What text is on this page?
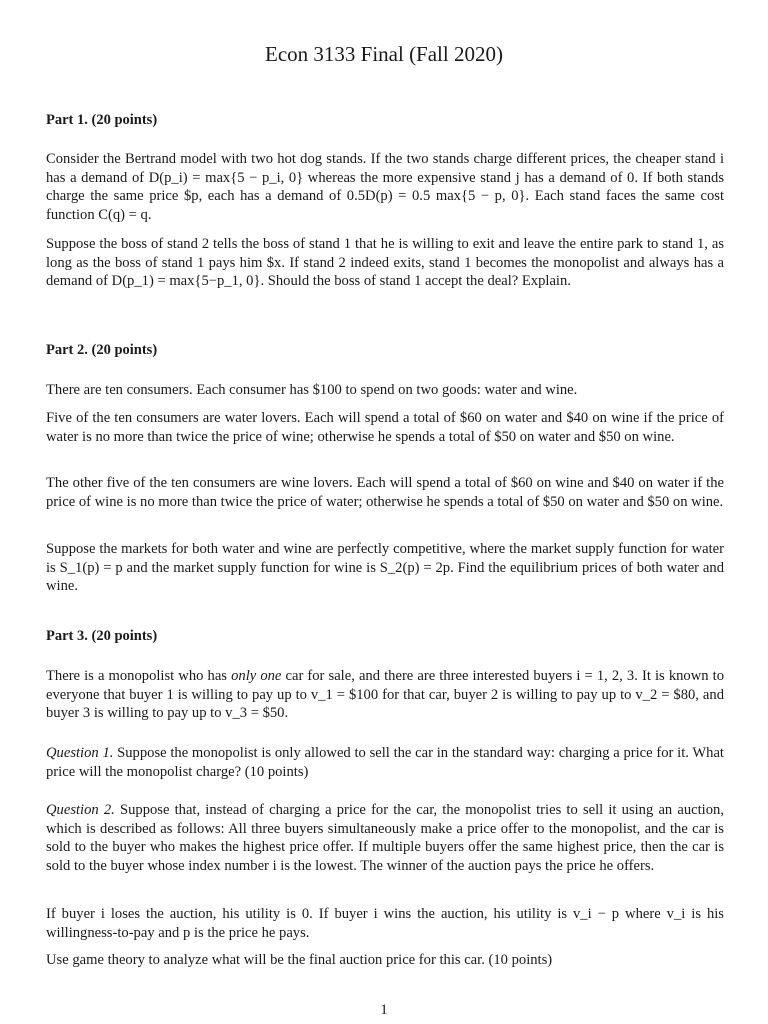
Econ 3133 Final (Fall 2020)
Part 1. (20 points)

Consider the Bertrand model with two hot dog stands. If the two stands charge different prices, the cheaper stand i has a demand of D(p_i) = max{5 − p_i, 0} whereas the more expensive stand j has a demand of 0. If both stands charge the same price $p, each has a demand of 0.5D(p) = 0.5 max{5 − p, 0}. Each stand faces the same cost function C(q) = q.

Suppose the boss of stand 2 tells the boss of stand 1 that he is willing to exit and leave the entire park to stand 1, as long as the boss of stand 1 pays him $x. If stand 2 indeed exits, stand 1 becomes the monopolist and always has a demand of D(p_1) = max{5−p_1, 0}. Should the boss of stand 1 accept the deal? Explain.

Part 2. (20 points)

There are ten consumers. Each consumer has $100 to spend on two goods: water and wine.

Five of the ten consumers are water lovers. Each will spend a total of $60 on water and $40 on wine if the price of water is no more than twice the price of wine; otherwise he spends a total of $50 on water and $50 on wine.

The other five of the ten consumers are wine lovers. Each will spend a total of $60 on wine and $40 on water if the price of wine is no more than twice the price of water; otherwise he spends a total of $50 on water and $50 on wine.

Suppose the markets for both water and wine are perfectly competitive, where the market supply function for water is S_1(p) = p and the market supply function for wine is S_2(p) = 2p. Find the equilibrium prices of both water and wine.

Part 3. (20 points)

There is a monopolist who has only one car for sale, and there are three interested buyers i = 1, 2, 3. It is known to everyone that buyer 1 is willing to pay up to v_1 = $100 for that car, buyer 2 is willing to pay up to v_2 = $80, and buyer 3 is willing to pay up to v_3 = $50.

Question 1. Suppose the monopolist is only allowed to sell the car in the standard way: charging a price for it. What price will the monopolist charge? (10 points)

Question 2. Suppose that, instead of charging a price for the car, the monopolist tries to sell it using an auction, which is described as follows: All three buyers simultaneously make a price offer to the monopolist, and the car is sold to the buyer who makes the highest price offer. If multiple buyers offer the same highest price, then the car is sold to the buyer whose index number i is the lowest. The winner of the auction pays the price he offers.

If buyer i loses the auction, his utility is 0. If buyer i wins the auction, his utility is v_i − p where v_i is his willingness-to-pay and p is the price he pays.

Use game theory to analyze what will be the final auction price for this car. (10 points)

1
